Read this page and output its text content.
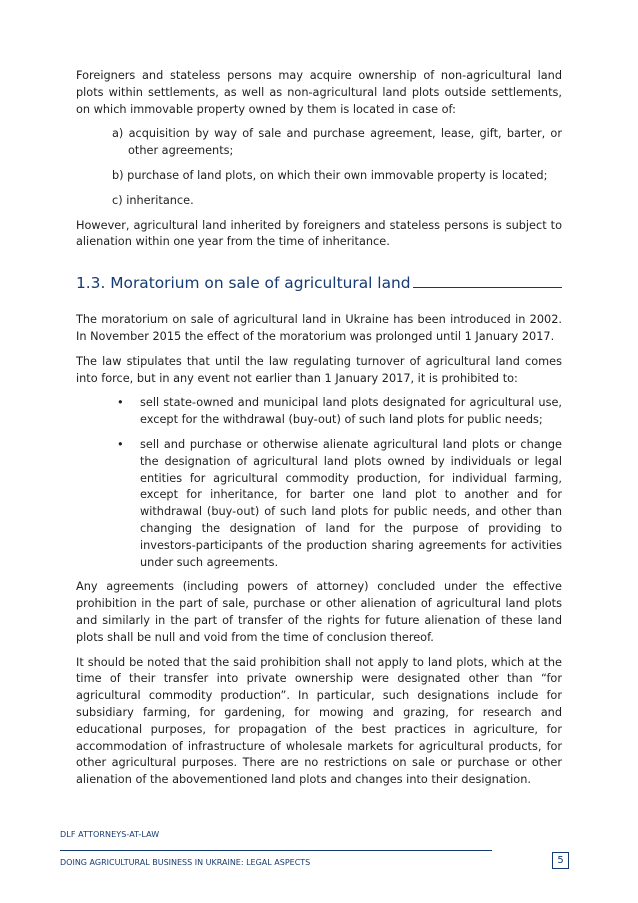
Foreigners and stateless persons may acquire ownership of non-agricultural land plots within settlements, as well as non-agricultural land plots outside settlements, on which immovable property owned by them is located in case of:

a) acquisition by way of sale and purchase agreement, lease, gift, barter, or other agreements;

b) purchase of land plots, on which their own immovable property is located;

c) inheritance.

However, agricultural land inherited by foreigners and stateless persons is subject to alienation within one year from the time of inheritance.

1.3. Moratorium on sale of agricultural land

The moratorium on sale of agricultural land in Ukraine has been introduced in 2002. In November 2015 the effect of the moratorium was prolonged until 1 January 2017.

The law stipulates that until the law regulating turnover of agricultural land comes into force, but in any event not earlier than 1 January 2017, it is prohibited to:

• sell state-owned and municipal land plots designated for agricultural use, except for the withdrawal (buy-out) of such land plots for public needs;

• sell and purchase or otherwise alienate agricultural land plots or change the designation of agricultural land plots owned by individuals or legal entities for agricultural commodity production, for individual farming, except for inheritance, for barter one land plot to another and for withdrawal (buy-out) of such land plots for public needs, and other than changing the designation of land for the purpose of providing to investors-participants of the production sharing agreements for activities under such agreements.

Any agreements (including powers of attorney) concluded under the effective prohibition in the part of sale, purchase or other alienation of agricultural land plots and similarly in the part of transfer of the rights for future alienation of these land plots shall be null and void from the time of conclusion thereof.

It should be noted that the said prohibition shall not apply to land plots, which at the time of their transfer into private ownership were designated other than “for agricultural commodity production”. In particular, such designations include for subsidiary farming, for gardening, for mowing and grazing, for research and educational purposes, for propagation of the best practices in agriculture, for accommodation of infrastructure of wholesale markets for agricultural products, for other agricultural purposes. There are no restrictions on sale or purchase or other alienation of the abovementioned land plots and changes into their designation.

DLF ATTORNEYS-AT-LAW
DOING AGRICULTURAL BUSINESS IN UKRAINE: LEGAL ASPECTS	5
